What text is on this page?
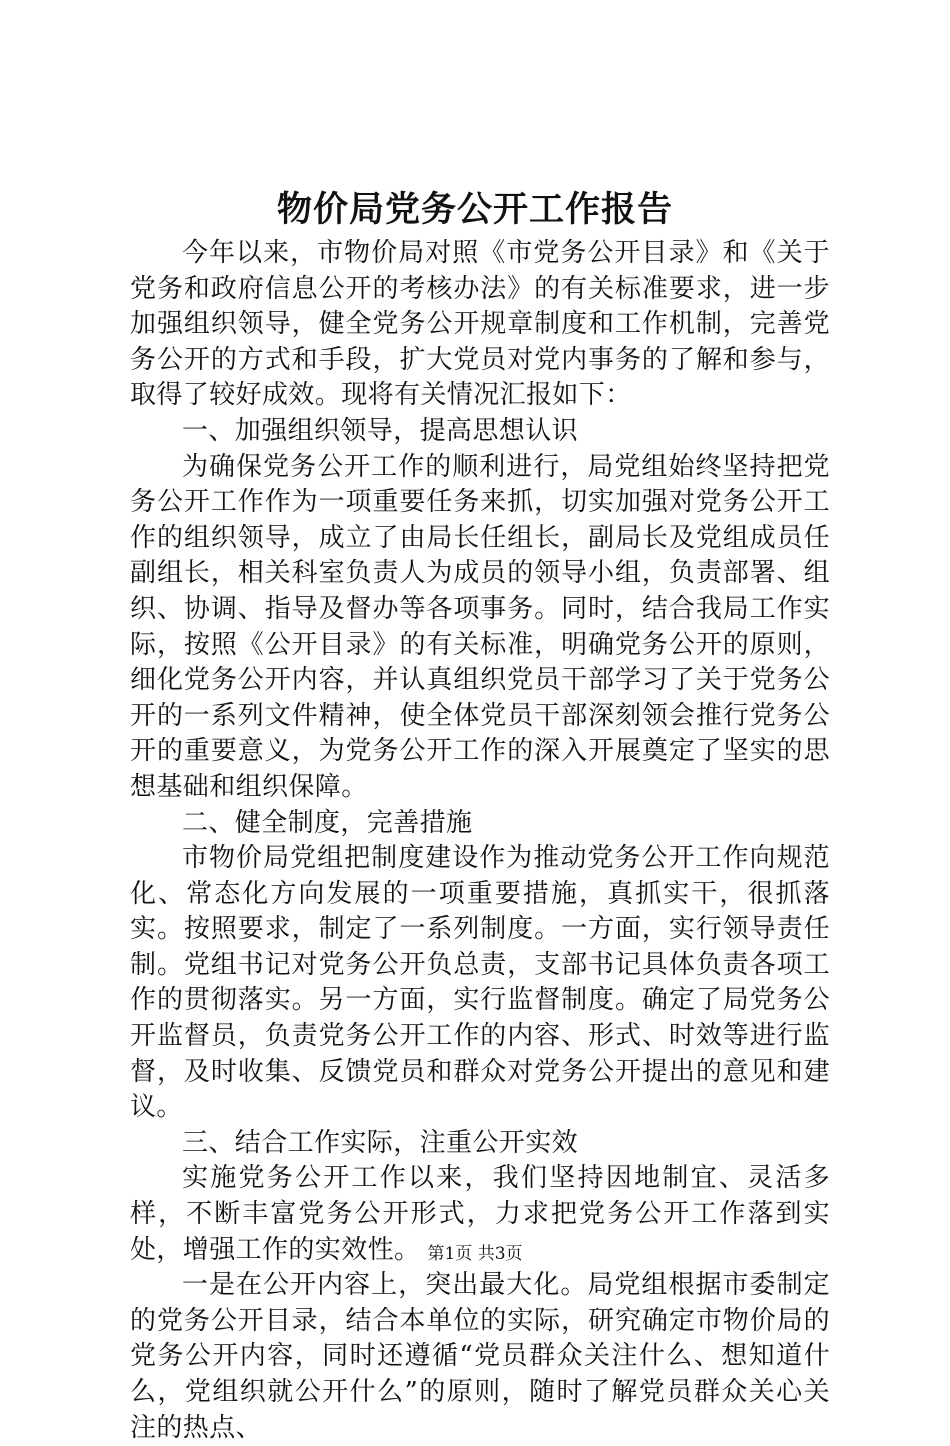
物价局党务公开工作报告

今年以来，市物价局对照《市党务公开目录》和《关于党务和政府信息公开的考核办法》的有关标准要求，进一步加强组织领导，健全党务公开规章制度和工作机制，完善党务公开的方式和手段，扩大党员对党内事务的了解和参与，取得了较好成效。现将有关情况汇报如下：

一、加强组织领导，提高思想认识

为确保党务公开工作的顺利进行，局党组始终坚持把党务公开工作作为一项重要任务来抓，切实加强对党务公开工作的组织领导，成立了由局长任组长，副局长及党组成员任副组长，相关科室负责人为成员的领导小组，负责部署、组织、协调、指导及督办等各项事务。同时，结合我局工作实际，按照《公开目录》的有关标准，明确党务公开的原则，细化党务公开内容，并认真组织党员干部学习了关于党务公开的一系列文件精神，使全体党员干部深刻领会推行党务公开的重要意义，为党务公开工作的深入开展奠定了坚实的思想基础和组织保障。

二、健全制度，完善措施

市物价局党组把制度建设作为推动党务公开工作向规范化、常态化方向发展的一项重要措施，真抓实干，很抓落实。按照要求，制定了一系列制度。一方面，实行领导责任制。党组书记对党务公开负总责，支部书记具体负责各项工作的贯彻落实。另一方面，实行监督制度。确定了局党务公开监督员，负责党务公开工作的内容、形式、时效等进行监督，及时收集、反馈党员和群众对党务公开提出的意见和建议。

三、结合工作实际，注重公开实效

实施党务公开工作以来，我们坚持因地制宜、灵活多样，不断丰富党务公开形式，力求把党务公开工作落到实处，增强工作的实效性。

一是在公开内容上，突出最大化。局党组根据市委制定的党务公开目录，结合本单位的实际，研究确定市物价局的党务公开内容，同时还遵循“党员群众关注什么、想知道什么，党组织就公开什么”的原则，随时了解党员群众关心关注的热点、

第1页 共3页
